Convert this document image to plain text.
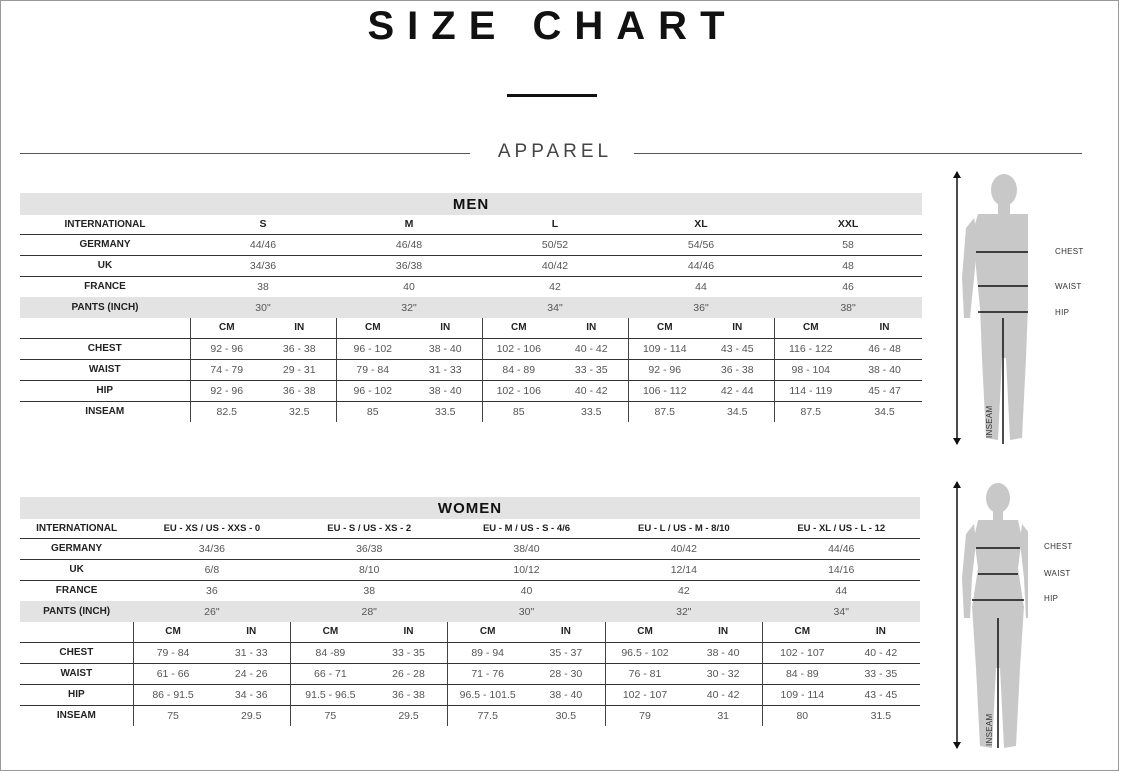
SIZE CHART
APPAREL
MEN										
INTERNATIONAL	S		M		L		XL		XXL	
GERMANY	44/46		46/48		50/52		54/56		58	
UK	34/36		36/38		40/42		44/46		48	
FRANCE	38		40		42		44		46	
PANTS (INCH)	30"		32"		34"		36"		38"	
	CM	IN	CM	IN	CM	IN	CM	IN	CM	IN
CHEST	92 - 96	36 - 38	96 - 102	38 - 40	102 - 106	40 - 42	109 - 114	43 - 45	116 - 122	46 - 48
WAIST	74 - 79	29 - 31	79 - 84	31 - 33	84 - 89	33 - 35	92 - 96	36 - 38	98 - 104	38 - 40
HIP	92 - 96	36 - 38	96 - 102	38 - 40	102 - 106	40 - 42	106 - 112	42 - 44	114 - 119	45 - 47
INSEAM	82.5	32.5	85	33.5	85	33.5	87.5	34.5	87.5	34.5
WOMEN										
INTERNATIONAL	EU - XS / US - XXS - 0		EU - S / US - XS - 2		EU - M / US - S - 4/6		EU - L / US - M - 8/10		EU - XL / US - L - 12	
GERMANY	34/36		36/38		38/40		40/42		44/46	
UK	6/8		8/10		10/12		12/14		14/16	
FRANCE	36		38		40		42		44	
PANTS (INCH)	26"		28"		30"		32"		34"	
	CM	IN	CM	IN	CM	IN	CM	IN	CM	IN
CHEST	79 - 84	31 - 33	84 -89	33 - 35	89 - 94	35 - 37	96.5 - 102	38 - 40	102 - 107	40 - 42
WAIST	61 - 66	24 - 26	66 - 71	26 - 28	71 - 76	28 - 30	76 - 81	30 - 32	84 - 89	33 - 35
HIP	86 - 91.5	34 - 36	91.5 - 96.5	36 - 38	96.5 - 101.5	38 - 40	102 - 107	40 - 42	109 - 114	43 - 45
INSEAM	75	29.5	75	29.5	77.5	30.5	79	31	80	31.5
CHEST
WAIST
HIP
INSEAM
CHEST
WAIST
HIP
INSEAM
